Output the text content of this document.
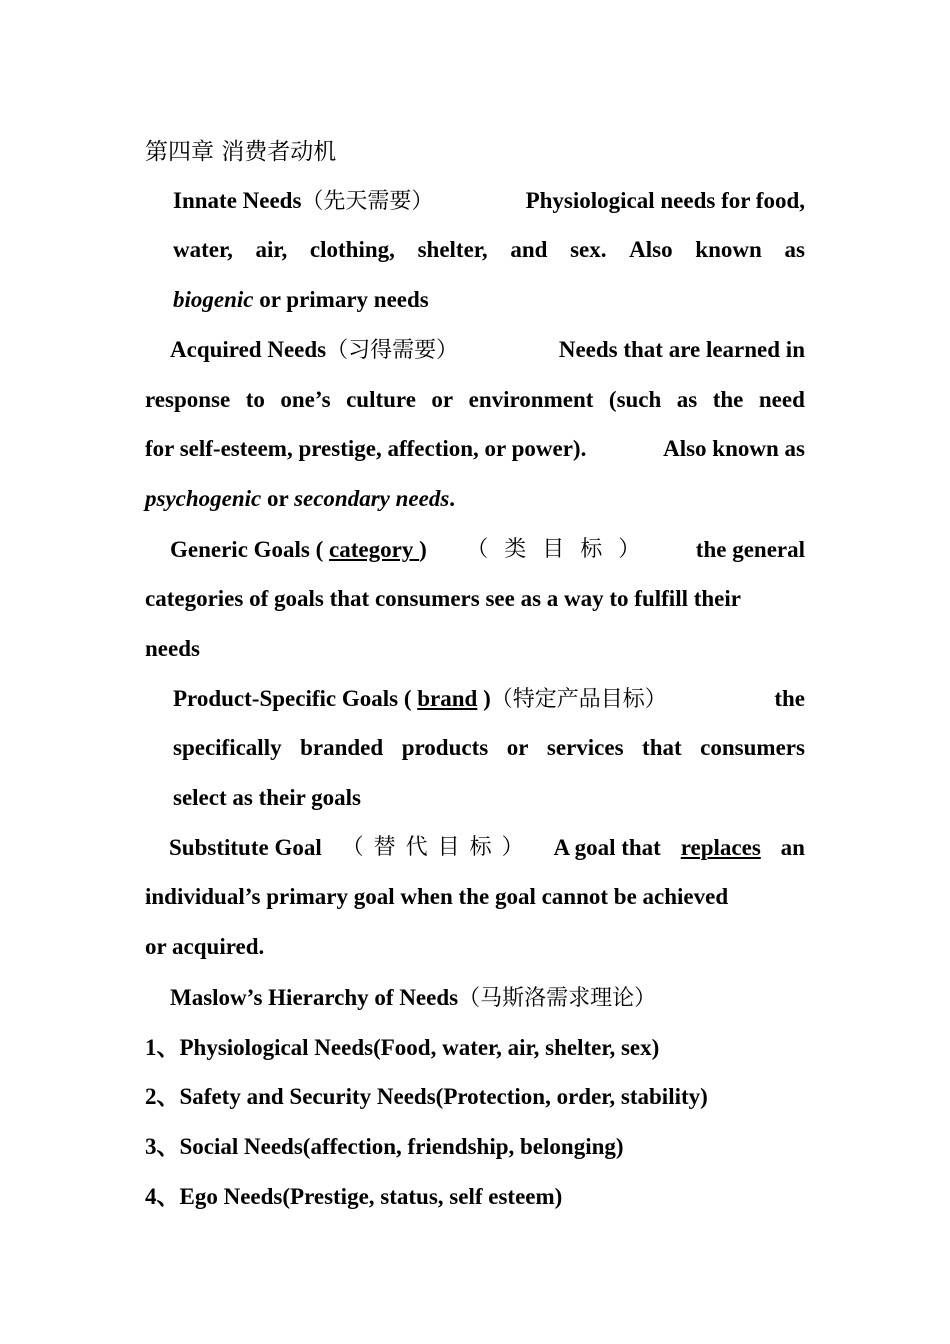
第四章 消费者动机
Innate Needs（先天需要）	Physiological needs for food,
water, air, clothing, shelter, and sex. Also known as
biogenic or primary needs
Acquired Needs（习得需要）	Needs that are learned in
response to one’s culture or environment (such as the need
for self-esteem, prestige, affection, or power).	Also known as
psychogenic or secondary needs.
Generic Goals ( category ) （类目标） the general
categories of goals that consumers see as a way to fulfill their
needs
Product-Specific Goals ( brand )（特定产品目标）	the
specifically branded products or services that consumers
select as their goals
Substitute Goal （替代目标） A goal that replaces an
individual’s primary goal when the goal cannot be achieved
or acquired.
Maslow’s Hierarchy of Needs（马斯洛需求理论）
1、Physiological Needs(Food, water, air, shelter, sex)
2、Safety and Security Needs(Protection, order, stability)
3、Social Needs(affection, friendship, belonging)
4、Ego Needs(Prestige, status, self esteem)
